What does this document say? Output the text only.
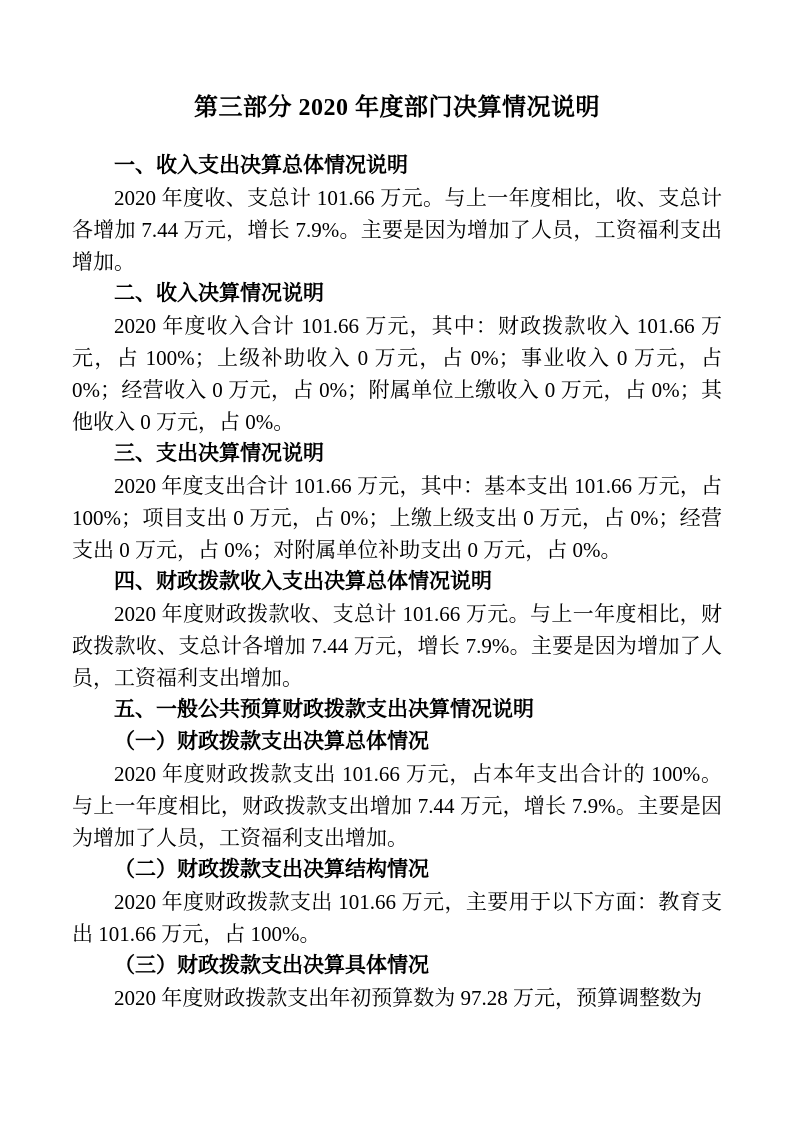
第三部分 2020 年度部门决算情况说明
一、收入支出决算总体情况说明

2020 年度收、支总计 101.66 万元。与上一年度相比，收、支总计各增加 7.44 万元，增长 7.9%。主要是因为增加了人员，工资福利支出增加。

二、收入决算情况说明

2020 年度收入合计 101.66 万元，其中：财政拨款收入 101.66 万元，占 100%；上级补助收入 0 万元，占 0%；事业收入 0 万元，占 0%；经营收入 0 万元，占 0%；附属单位上缴收入 0 万元，占 0%；其他收入 0 万元，占 0%。

三、支出决算情况说明

2020 年度支出合计 101.66 万元，其中：基本支出 101.66 万元，占 100%；项目支出 0 万元，占 0%；上缴上级支出 0 万元，占 0%；经营支出 0 万元，占 0%；对附属单位补助支出 0 万元，占 0%。

四、财政拨款收入支出决算总体情况说明

2020 年度财政拨款收、支总计 101.66 万元。与上一年度相比，财政拨款收、支总计各增加 7.44 万元，增长 7.9%。主要是因为增加了人员，工资福利支出增加。

五、一般公共预算财政拨款支出决算情况说明
（一）财政拨款支出决算总体情况

2020 年度财政拨款支出 101.66 万元，占本年支出合计的 100%。与上一年度相比，财政拨款支出增加 7.44 万元，增长 7.9%。主要是因为增加了人员，工资福利支出增加。

（二）财政拨款支出决算结构情况

2020 年度财政拨款支出 101.66 万元，主要用于以下方面：教育支出 101.66 万元，占 100%。

（三）财政拨款支出决算具体情况

2020 年度财政拨款支出年初预算数为 97.28 万元，预算调整数为
